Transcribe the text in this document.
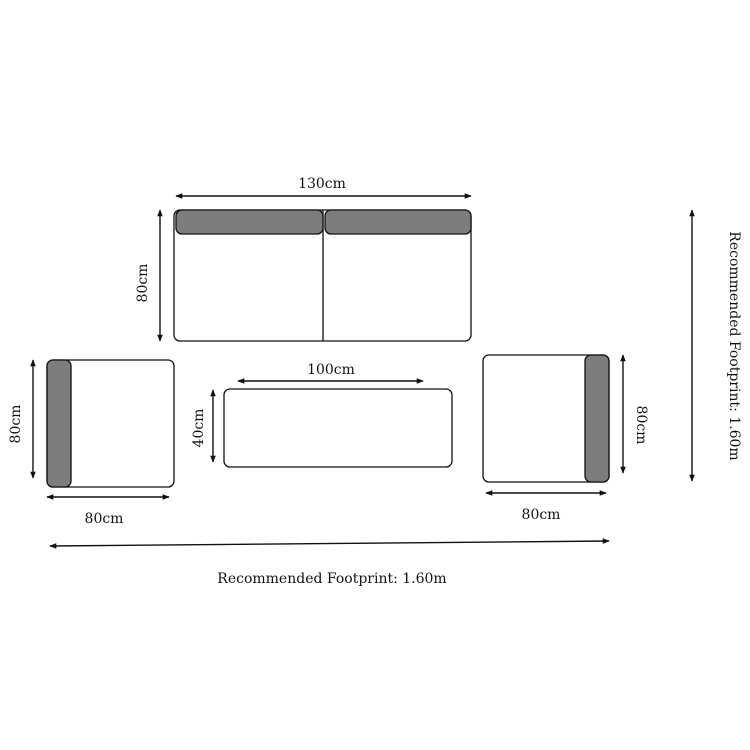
130cm
80cm
80cm
80cm
100cm
40cm	80cm
80cm
Recommended Footprint: 1.60m
Recommended Footprint: 1.60m
